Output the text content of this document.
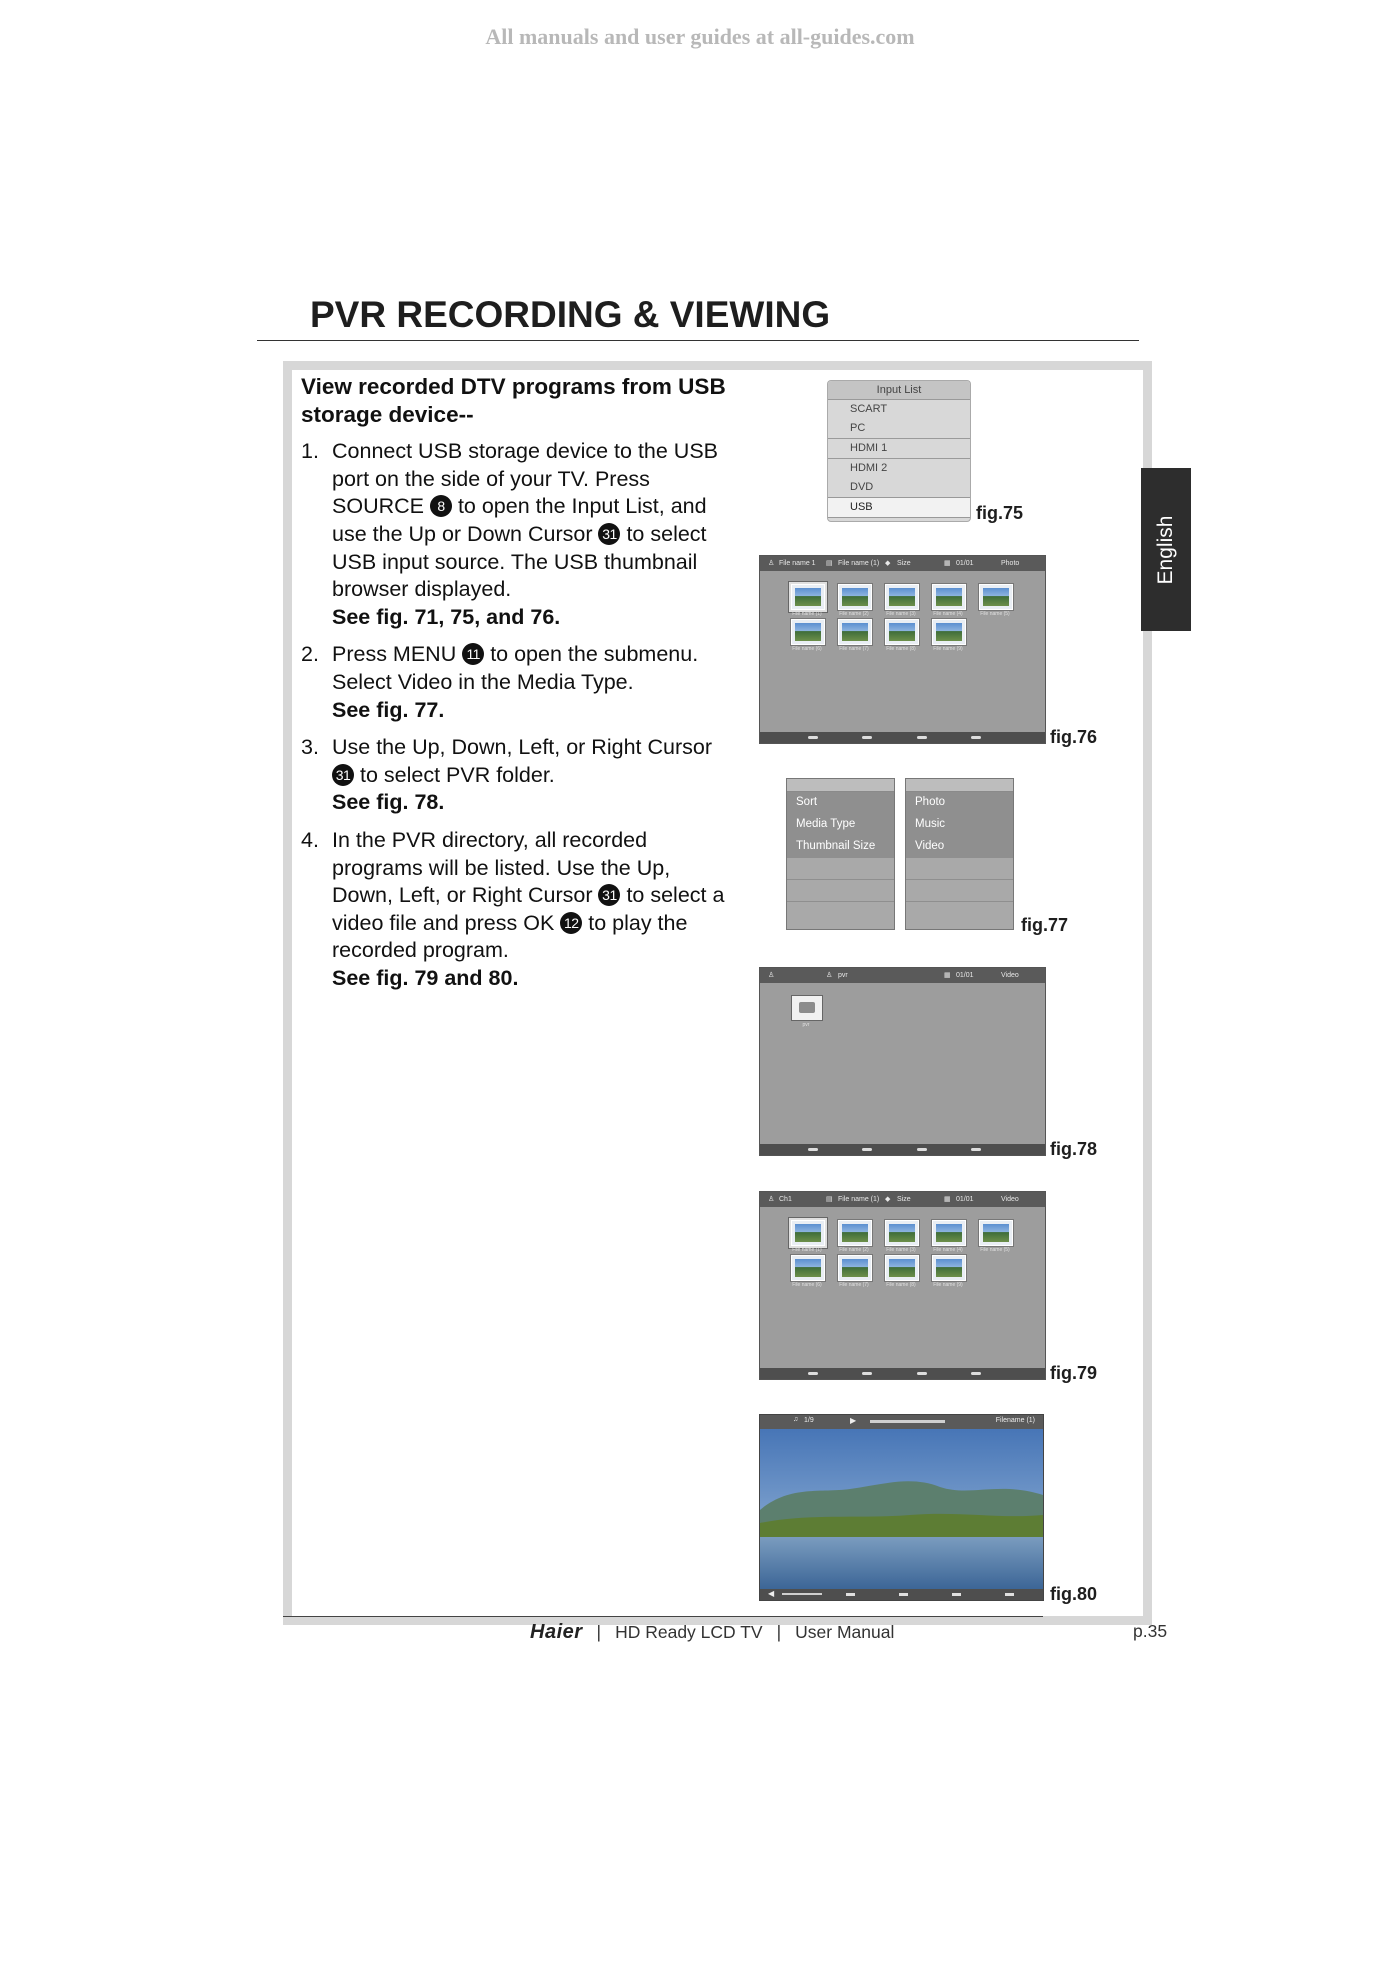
All manuals and user guides at all-guides.com
PVR RECORDING & VIEWING
English
View recorded DTV programs from USB storage device--
1. Connect USB storage device to the USB port on the side of your TV. Press SOURCE 8 to open the Input List, and use the Up or Down Cursor 31 to select USB input source. The USB thumbnail browser displayed.
See fig. 71, 75, and 76.
2. Press MENU 11 to open the submenu. Select Video in the Media Type.
See fig. 77.
3. Use the Up, Down, Left, or Right Cursor 31 to select PVR folder.
See fig. 78.
4. In the PVR directory, all recorded programs will be listed. Use the Up, Down, Left, or Right Cursor 31 to select a video file and press OK 12 to play the recorded program.
See fig. 79 and 80.
Input List
SCART
PC
HDMI 1
HDMI 2
DVD
USB	fig.75
♙ File name 1 ▤ File name (1) ◆ Size	▦ 01/01	Photo
File name (1)	File name (2)	File name (3)	File name (4)	File name (5)
File name (6)	File name (7)	File name (8)	File name (9)
fig.76
Sort
Media Type
Thumbnail Size
Photo
Music
Video
fig.77
♙	♙ pvr	▦ 01/01	Video
pvr
fig.78
♙ Ch1	▤ File name (1) ◆ Size	▦ 01/01	Video
File name (1)	File name (2)	File name (3)	File name (4)	File name (5)
File name (6)	File name (7)	File name (8)	File name (9)
fig.79
♫ 1/9	▶	Filename (1)
◀	fig.80
Haier | HD Ready LCD TV | User Manual	p.35
